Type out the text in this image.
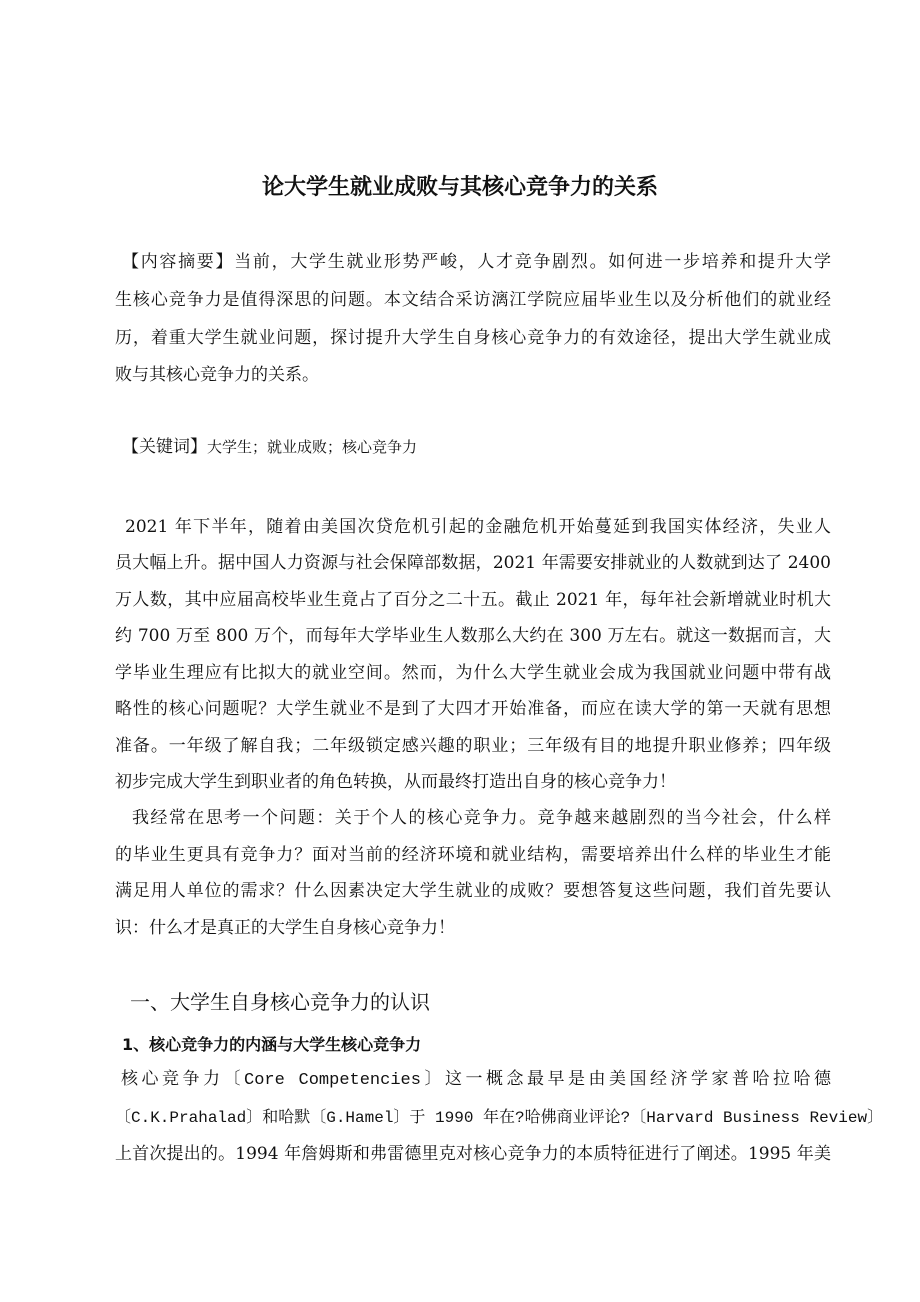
论大学生就业成败与其核心竞争力的关系
【内容摘要】当前，大学生就业形势严峻，人才竞争剧烈。如何进一步培养和提升大学
生核心竞争力是值得深思的问题。本文结合采访漓江学院应届毕业生以及分析他们的就业经
历，着重大学生就业问题，探讨提升大学生自身核心竞争力的有效途径，提出大学生就业成
败与其核心竞争力的关系。
【关键词】大学生；就业成败；核心竞争力
2021 年下半年，随着由美国次贷危机引起的金融危机开始蔓延到我国实体经济，失业人
员大幅上升。据中国人力资源与社会保障部数据，2021 年需要安排就业的人数就到达了 2400
万人数，其中应届高校毕业生竟占了百分之二十五。截止 2021 年，每年社会新增就业时机大
约 700 万至 800 万个，而每年大学毕业生人数那么大约在 300 万左右。就这一数据而言，大
学毕业生理应有比拟大的就业空间。然而，为什么大学生就业会成为我国就业问题中带有战
略性的核心问题呢？大学生就业不是到了大四才开始准备，而应在读大学的第一天就有思想
准备。一年级了解自我；二年级锁定感兴趣的职业；三年级有目的地提升职业修养；四年级
初步完成大学生到职业者的角色转换，从而最终打造出自身的核心竞争力！
我经常在思考一个问题：关于个人的核心竞争力。竞争越来越剧烈的当今社会，什么样
的毕业生更具有竞争力？面对当前的经济环境和就业结构，需要培养出什么样的毕业生才能
满足用人单位的需求？什么因素决定大学生就业的成败？要想答复这些问题，我们首先要认
识：什么才是真正的大学生自身核心竞争力！
一、大学生自身核心竞争力的认识
1、核心竞争力的内涵与大学生核心竞争力
核心竞争力〔Core Competencies〕这一概念最早是由美国经济学家普哈拉哈德
〔C.K.Prahalad〕和哈默〔G.Hamel〕于 1990 年在?哈佛商业评论?〔Harvard Business Review〕
上首次提出的。1994 年詹姆斯和弗雷德里克对核心竞争力的本质特征进行了阐述。1995 年美
